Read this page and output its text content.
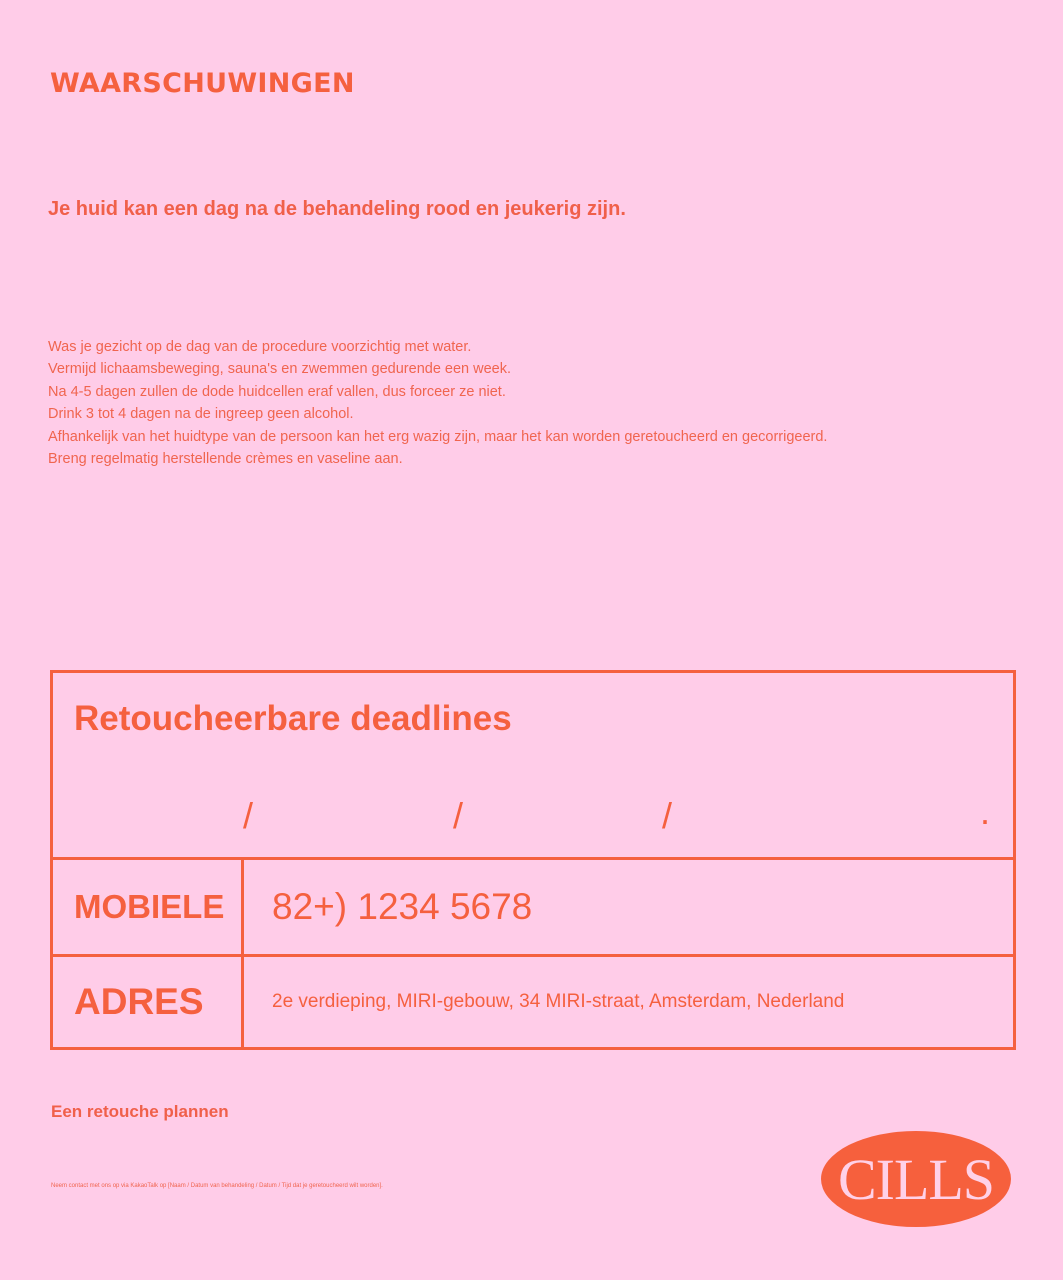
WAARSCHUWINGEN
Je huid kan een dag na de behandeling rood en jeukerig zijn.
Was je gezicht op de dag van de procedure voorzichtig met water.
Vermijd lichaamsbeweging, sauna's en zwemmen gedurende een week.
Na 4-5 dagen zullen de dode huidcellen eraf vallen, dus forceer ze niet.
Drink 3 tot 4 dagen na de ingreep geen alcohol.
Afhankelijk van het huidtype van de persoon kan het erg wazig zijn, maar het kan worden geretoucheerd en gecorrigeerd.
Breng regelmatig herstellende crèmes en vaseline aan.
Retoucheerbare deadlines
/	/	/	.
MOBIELE	82+) 1234 5678
ADRES	2e verdieping, MIRI-gebouw, 34 MIRI-straat, Amsterdam, Nederland
Een retouche plannen
Neem contact met ons op via KakaoTalk op [Naam / Datum van behandeling / Datum / Tijd dat je geretoucheerd wilt worden].	CILLS
